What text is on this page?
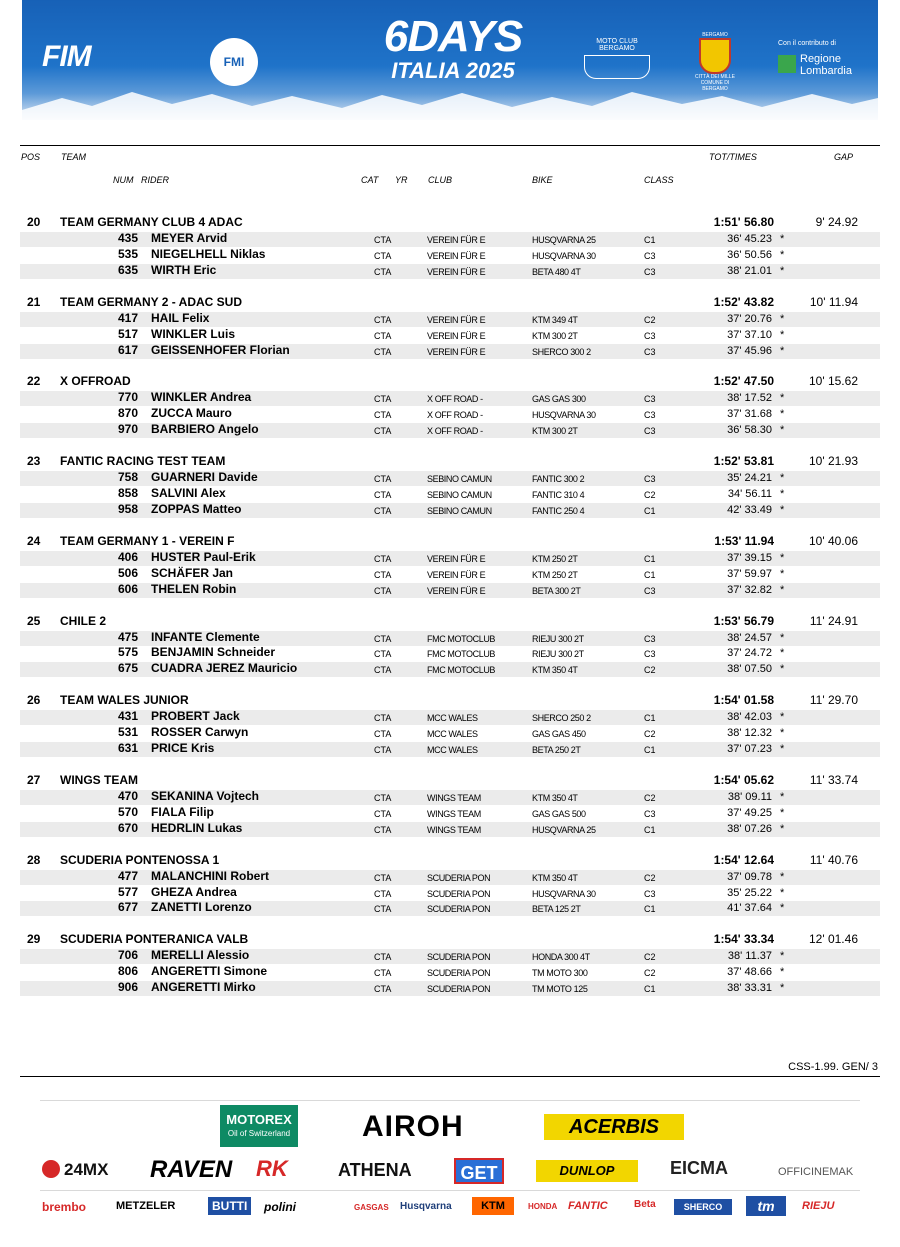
FIM	FMI
6DAYS
ITALIA 2025
MOTO CLUB BERGAMO
BERGAMO
CITTÀ DEI MILLE
COMUNE DI BERGAMO
Con il contributo di
Regione
Lombardia
POS TEAM	TOT/TIMES	GAP
NUM RIDER	CAT YR CLUB	BIKE	CLASS
20 TEAM GERMANY CLUB 4 ADAC	1:51' 56.80	9' 24.92
435 MEYER Arvid	CTA	VEREIN FÜR E	HUSQVARNA 25	C1	36' 45.23 *
535 NIEGELHELL Niklas	CTA	VEREIN FÜR E	HUSQVARNA 30	C3	36' 50.56 *
635 WIRTH Eric	CTA	VEREIN FÜR E	BETA 480 4T	C3	38' 21.01 *
21 TEAM GERMANY 2 - ADAC SUD	1:52' 43.82	10' 11.94
417 HAIL Felix	CTA	VEREIN FÜR E	KTM 349 4T	C2	37' 20.76 *
517 WINKLER Luis	CTA	VEREIN FÜR E	KTM 300 2T	C3	37' 37.10 *
617 GEISSENHOFER Florian	CTA	VEREIN FÜR E	SHERCO 300 2	C3	37' 45.96 *
22 X OFFROAD	1:52' 47.50	10' 15.62
770 WINKLER Andrea	CTA	X OFF ROAD -	GAS GAS 300	C3	38' 17.52 *
870 ZUCCA Mauro	CTA	X OFF ROAD -	HUSQVARNA 30	C3	37' 31.68 *
970 BARBIERO Angelo	CTA	X OFF ROAD -	KTM 300 2T	C3	36' 58.30 *
23 FANTIC RACING TEST TEAM	1:52' 53.81	10' 21.93
758 GUARNERI Davide	CTA	SEBINO CAMUN	FANTIC 300 2	C3	35' 24.21 *
858 SALVINI Alex	CTA	SEBINO CAMUN	FANTIC 310 4	C2	34' 56.11 *
958 ZOPPAS Matteo	CTA	SEBINO CAMUN	FANTIC 250 4	C1	42' 33.49 *
24 TEAM GERMANY 1 - VEREIN F	1:53' 11.94	10' 40.06
406 HUSTER Paul-Erik	CTA	VEREIN FÜR E	KTM 250 2T	C1	37' 39.15 *
506 SCHÄFER Jan	CTA	VEREIN FÜR E	KTM 250 2T	C1	37' 59.97 *
606 THELEN Robin	CTA	VEREIN FÜR E	BETA 300 2T	C3	37' 32.82 *
25 CHILE 2	1:53' 56.79	11' 24.91
475 INFANTE Clemente	CTA	FMC MOTOCLUB	RIEJU 300 2T	C3	38' 24.57 *
575 BENJAMIN Schneider	CTA	FMC MOTOCLUB	RIEJU 300 2T	C3	37' 24.72 *
675 CUADRA JEREZ Mauricio	CTA	FMC MOTOCLUB	KTM 350 4T	C2	38' 07.50 *
26 TEAM WALES JUNIOR	1:54' 01.58	11' 29.70
431 PROBERT Jack	CTA	MCC WALES	SHERCO 250 2	C1	38' 42.03 *
531 ROSSER Carwyn	CTA	MCC WALES	GAS GAS 450	C2	38' 12.32 *
631 PRICE Kris	CTA	MCC WALES	BETA 250 2T	C1	37' 07.23 *
27 WINGS TEAM	1:54' 05.62	11' 33.74
470 SEKANINA Vojtech	CTA	WINGS TEAM	KTM 350 4T	C2	38' 09.11 *
570 FIALA Filip	CTA	WINGS TEAM	GAS GAS 500	C3	37' 49.25 *
670 HEDRLIN Lukas	CTA	WINGS TEAM	HUSQVARNA 25	C1	38' 07.26 *
28 SCUDERIA PONTENOSSA 1	1:54' 12.64	11' 40.76
477 MALANCHINI Robert	CTA	SCUDERIA PON	KTM 350 4T	C2	37' 09.78 *
577 GHEZA Andrea	CTA	SCUDERIA PON	HUSQVARNA 30	C3	35' 25.22 *
677 ZANETTI Lorenzo	CTA	SCUDERIA PON	BETA 125 2T	C1	41' 37.64 *
29 SCUDERIA PONTERANICA VALB	1:54' 33.34	12' 01.46
706 MERELLI Alessio	CTA	SCUDERIA PON	HONDA 300 4T	C2	38' 11.37 *
806 ANGERETTI Simone	CTA	SCUDERIA PON	TM MOTO 300	C2	37' 48.66 *
906 ANGERETTI Mirko	CTA	SCUDERIA PON	TM MOTO 125	C1	38' 33.31 *
CSS-1.99. GEN/ 3
MOTOREX
Oil of Switzerland AIROH	ACERBIS
24MX RAVEN RK	ATHENA	GET	DUNLOP	EICMA	OFFICINEMAK
brembo	METZELER	BUTTI	polini	GASGAS Husqvarna	KTM	HONDA FANTIC	Beta	SHERCO	tm	RIEJU
